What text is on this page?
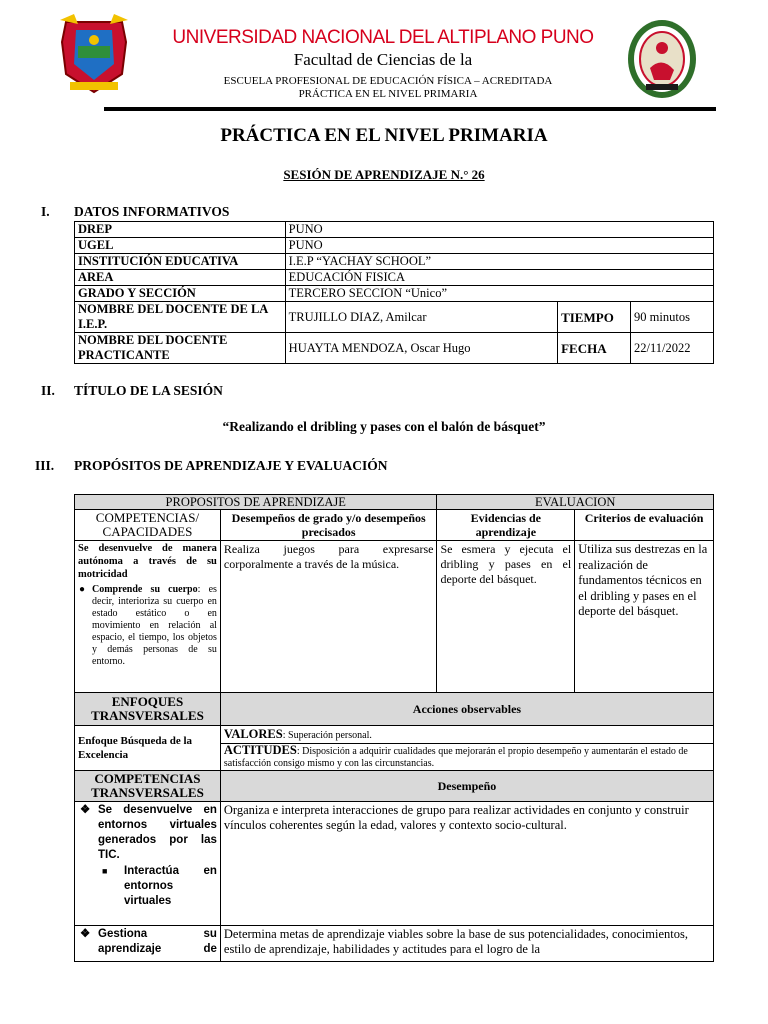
UNIVERSIDAD NACIONAL DEL ALTIPLANO PUNO
Facultad de Ciencias de la
ESCUELA PROFESIONAL DE EDUCACIÓN FÍSICA – ACREDITADA
PRÁCTICA EN EL NIVEL PRIMARIA
PRÁCTICA EN EL NIVEL PRIMARIA
SESIÓN DE APRENDIZAJE N.° 26
I. DATOS INFORMATIVOS
DREP	PUNO		
UGEL	PUNO		
INSTITUCIÓN EDUCATIVA	I.E.P “YACHAY SCHOOL”		
AREA	EDUCACIÓN FISICA		
GRADO Y SECCIÓN	TERCERO SECCION “Unico”		
NOMBRE DEL DOCENTE DE LA I.E.P.	TRUJILLO DIAZ, Amilcar	TIEMPO	90 minutos
NOMBRE DEL DOCENTE PRACTICANTE	HUAYTA MENDOZA, Oscar Hugo	FECHA	22/11/2022
II. TÍTULO DE LA SESIÓN
“Realizando el dribling y pases con el balón de básquet”
III. PROPÓSITOS DE APRENDIZAJE Y EVALUACIÓN
PROPOSITOS DE APRENDIZAJE		EVALUACION	
COMPETENCIAS/ CAPACIDADES	Desempeños de grado y/o desempeños precisados	Evidencias de aprendizaje	Criterios de evaluación

Se desenvuelve de manera autónoma a través de su motricidad
● Comprende su cuerpo: es decir, interioriza su cuerpo en estado estático o en movimiento en relación al espacio, el tiempo, los objetos y demás personas de su entorno.	Realiza juegos para expresarse corporalmente a través de la música.	Se esmera y ejecuta el dribling y pases en el deporte del básquet.	Utiliza sus destrezas en la realización de fundamentos técnicos en el dribling y pases en el deporte del básquet.
ENFOQUES TRANSVERSALES	Acciones observables		
Enfoque Búsqueda de la Excelencia	VALORES: Superación personal.
ACTITUDES: Disposición a adquirir cualidades que mejorarán el propio desempeño y aumentarán el estado de satisfacción consigo mismo y con las circunstancias.		

COMPETENCIAS TRANSVERSALES	Desempeño		

❖ Se desenvuelve en entornos virtuales generados por las TIC.
■ Interactúa en entornos virtuales	Organiza e interpreta interacciones de grupo para realizar actividades en conjunto y construir vínculos coherentes según la edad, valores y contexto socio-cultural.		

❖ Gestiona su aprendizaje de	Determina metas de aprendizaje viables sobre la base de sus potencialidades, conocimientos, estilo de aprendizaje, habilidades y actitudes para el logro de la		
